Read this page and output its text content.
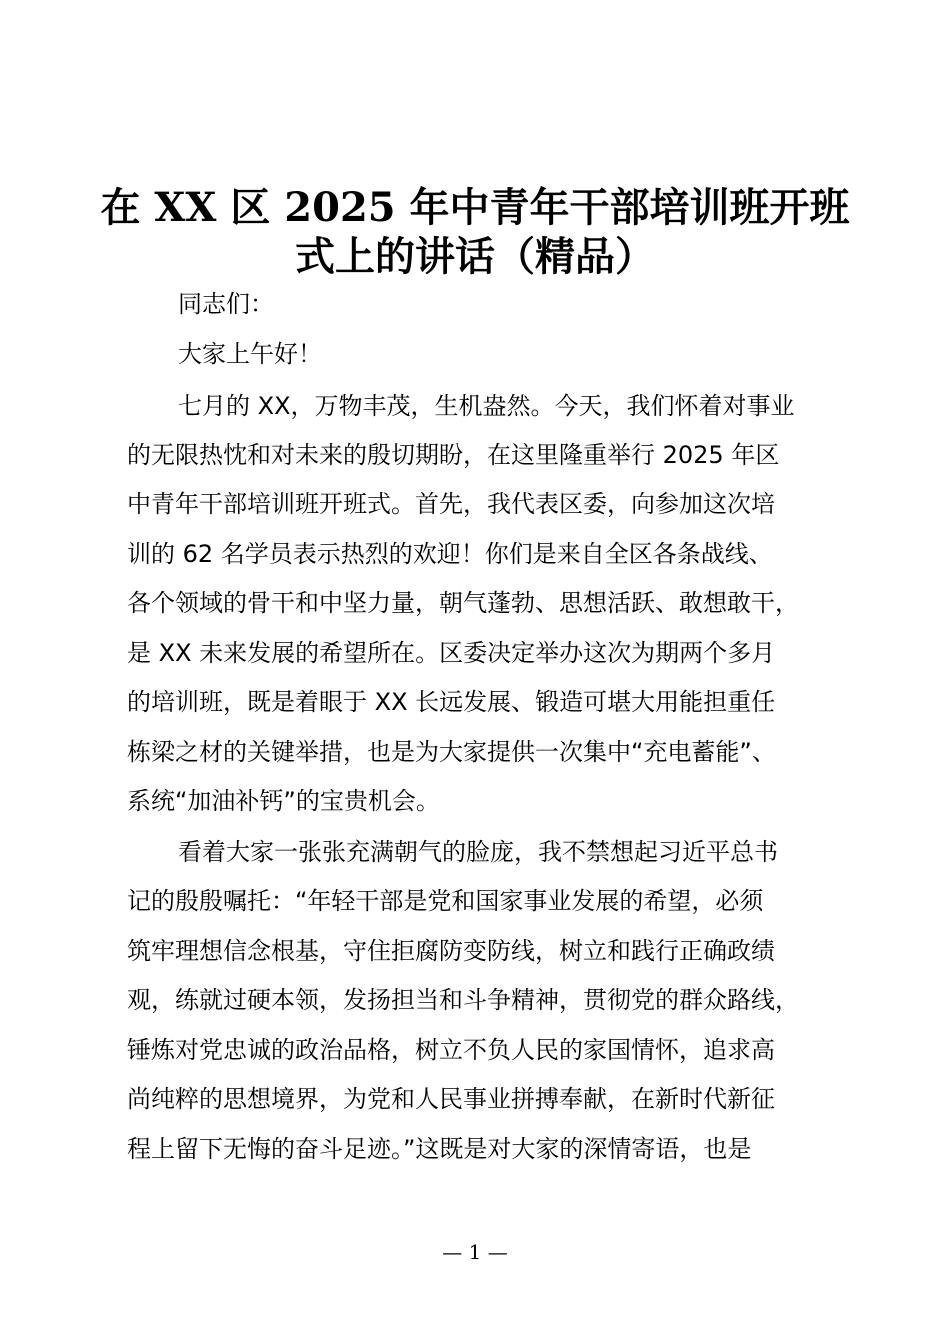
在 XX 区 2025 年中青年干部培训班开班
式上的讲话（精品）
同志们：
大家上午好！
七月的 XX，万物丰茂，生机盎然。今天，我们怀着对事业
的无限热忱和对未来的殷切期盼，在这里隆重举行 2025 年区
中青年干部培训班开班式。首先，我代表区委，向参加这次培
训的 62 名学员表示热烈的欢迎！你们是来自全区各条战线、
各个领域的骨干和中坚力量，朝气蓬勃、思想活跃、敢想敢干，
是 XX 未来发展的希望所在。区委决定举办这次为期两个多月
的培训班，既是着眼于 XX 长远发展、锻造可堪大用能担重任
栋梁之材的关键举措，也是为大家提供一次集中“充电蓄能”、
系统“加油补钙”的宝贵机会。
看着大家一张张充满朝气的脸庞，我不禁想起习近平总书
记的殷殷嘱托：“年轻干部是党和国家事业发展的希望，必须
筑牢理想信念根基，守住拒腐防变防线，树立和践行正确政绩
观，练就过硬本领，发扬担当和斗争精神，贯彻党的群众路线，
锤炼对党忠诚的政治品格，树立不负人民的家国情怀，追求高
尚纯粹的思想境界，为党和人民事业拼搏奉献，在新时代新征
程上留下无悔的奋斗足迹。”这既是对大家的深情寄语，也是
— 1 —
